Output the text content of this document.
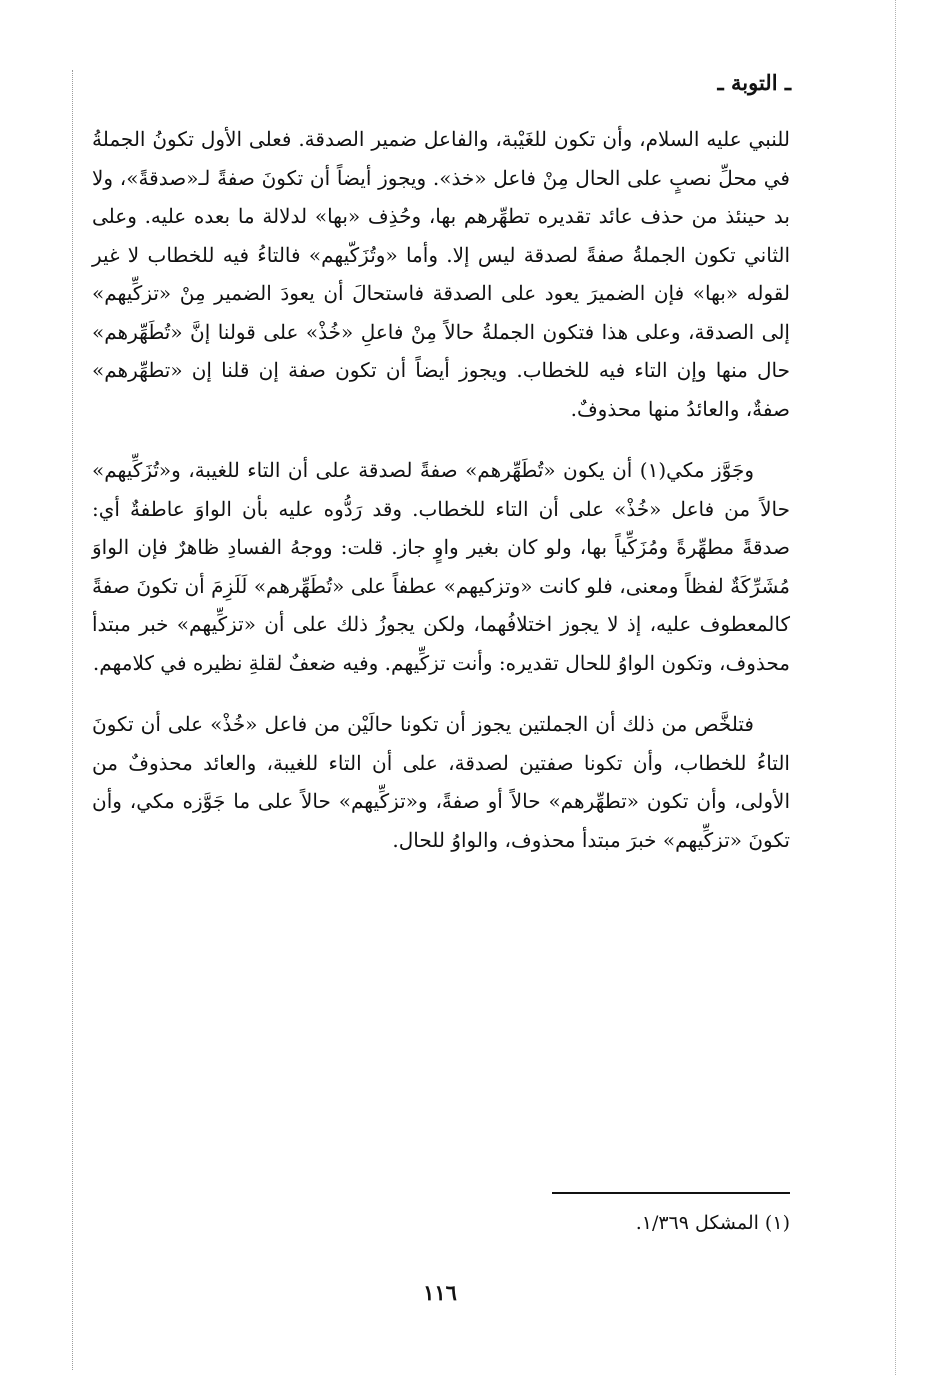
ـ التوبة ـ

للنبي عليه السلام، وأن تكون للغَيْبة، والفاعل ضمير الصدقة. فعلى الأول تكونُ الجملةُ في محلِّ نصبٍ على الحال مِنْ فاعل «خذ». ويجوز أيضاً أن تكونَ صفةً لـ«صدقةً»، ولا بد حينئذ من حذف عائد تقديره تطهِّرهم بها، وحُذِف «بها» لدلالة ما بعده عليه. وعلى الثاني تكون الجملةُ صفةً لصدقة ليس إلا. وأما «وتُزَكّيهم» فالتاءُ فيه للخطاب لا غير لقوله «بها» فإن الضميرَ يعود على الصدقة فاستحالَ أن يعودَ الضمير مِنْ «تزكِّيهم» إلى الصدقة، وعلى هذا فتكون الجملةُ حالاً مِنْ فاعلِ «خُذْ» على قولنا إنَّ «تُطَهِّرهم» حال منها وإن التاء فيه للخطاب. ويجوز أيضاً أن تكون صفة إن قلنا إن «تطهِّرهم» صفةٌ، والعائدُ منها محذوفٌ.

وجَوَّز مكي(١) أن يكون «تُطَهِّرهم» صفةً لصدقة على أن التاء للغيبة، و«تُزَكِّيهم» حالاً من فاعل «خُذْ» على أن التاء للخطاب. وقد رَدُّوه عليه بأن الواوَ عاطفةٌ أي: صدقةً مطهِّرةً ومُزَكِّياً بها، ولو كان بغير واوٍ جاز. قلت: ووجهُ الفسادِ ظاهرٌ فإن الواوَ مُشَرِّكَةٌ لفظاً ومعنى، فلو كانت «وتزكيهم» عطفاً على «تُطَهِّرهم» لَلَزِمَ أن تكونَ صفةً كالمعطوف عليه، إذ لا يجوز اختلافُهما، ولكن يجوزُ ذلك على أن «تزكِّيهم» خبر مبتدأ محذوف، وتكون الواوُ للحال تقديره: وأنت تزكِّيهم. وفيه ضعفٌ لقلةِ نظيره في كلامهم.

فتلخَّص من ذلك أن الجملتين يجوز أن تكونا حالَيْن من فاعل «خُذْ» على أن تكونَ التاءُ للخطاب، وأن تكونا صفتين لصدقة، على أن التاء للغيبة، والعائد محذوفٌ من الأولى، وأن تكون «تطهِّرهم» حالاً أو صفةً، و«تزكِّيهم» حالاً على ما جَوَّزه مكي، وأن تكونَ «تزكِّيهم» خبرَ مبتدأ محذوف، والواوُ للحال.

(١) المشكل ١/٣٦٩.
١١٦
